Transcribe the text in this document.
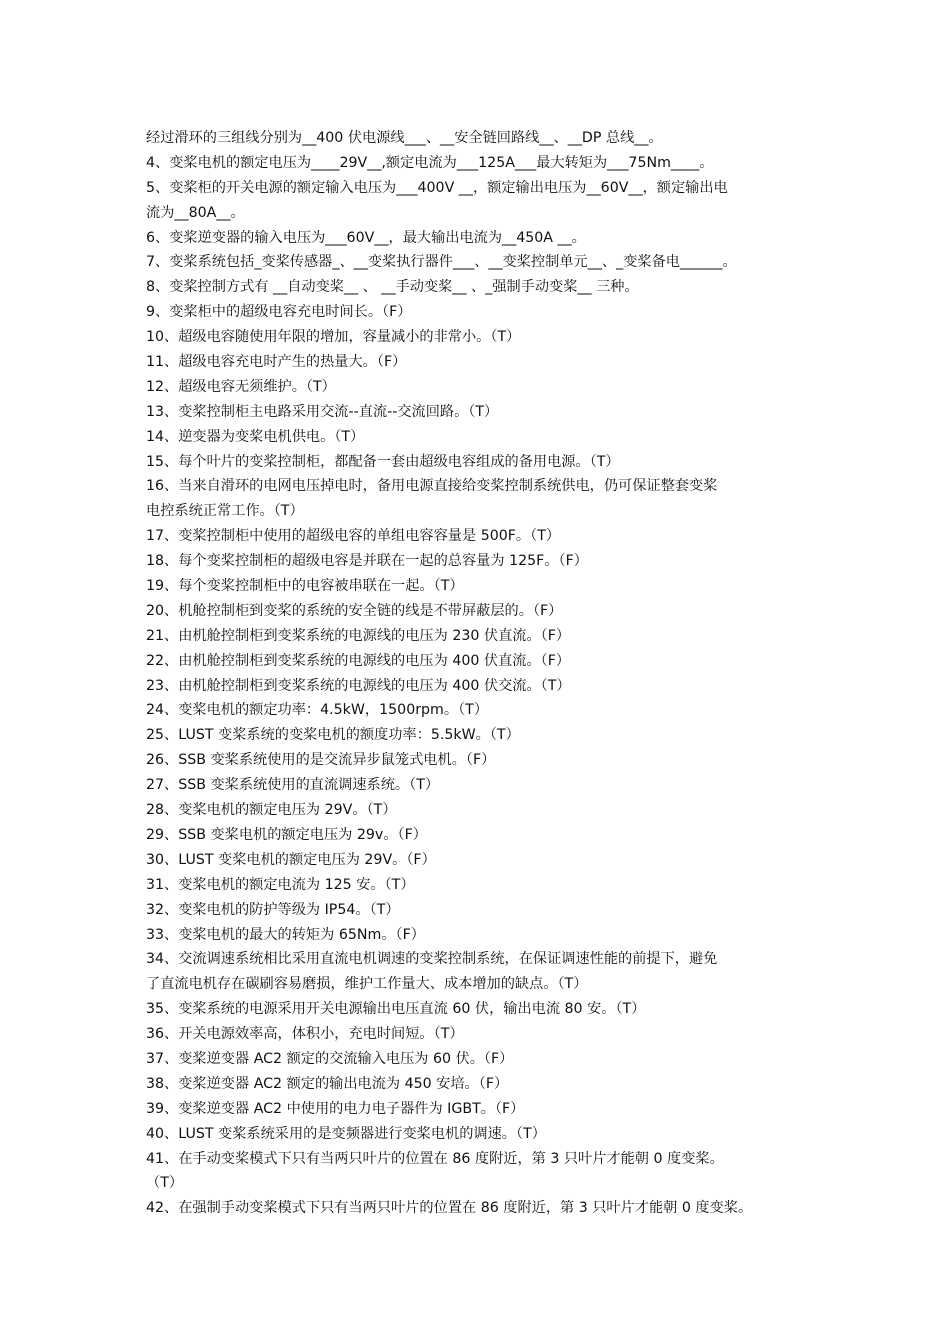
经过滑环的三组线分别为__400 伏电源线___、__安全链回路线__、__DP 总线__。
4、变桨电机的额定电压为____29V__,额定电流为___125A___最大转矩为___75Nm____。
5、变桨柜的开关电源的额定输入电压为___400V __，额定输出电压为__60V__，额定输出电
流为__80A__。
6、变桨逆变器的输入电压为___60V__，最大输出电流为__450A __。
7、变桨系统包括_变桨传感器_、__变桨执行器件___、__变桨控制单元__、_变桨备电______。
8、变桨控制方式有 __自动变桨__ 、 __手动变桨__ 、_强制手动变桨__ 三种。
9、变桨柜中的超级电容充电时间长。（F）
10、超级电容随使用年限的增加，容量减小的非常小。（T）
11、超级电容充电时产生的热量大。（F）
12、超级电容无须维护。（T）
13、变桨控制柜主电路采用交流--直流--交流回路。（T）
14、逆变器为变桨电机供电。（T）
15、每个叶片的变桨控制柜，都配备一套由超级电容组成的备用电源。（T）
16、当来自滑环的电网电压掉电时，备用电源直接给变桨控制系统供电，仍可保证整套变桨
电控系统正常工作。（T）
17、变桨控制柜中使用的超级电容的单组电容容量是 500F。（T）
18、每个变桨控制柜的超级电容是并联在一起的总容量为 125F。（F）
19、每个变桨控制柜中的电容被串联在一起。（T）
20、机舱控制柜到变桨的系统的安全链的线是不带屏蔽层的。（F）
21、由机舱控制柜到变桨系统的电源线的电压为 230 伏直流。（F）
22、由机舱控制柜到变桨系统的电源线的电压为 400 伏直流。（F）
23、由机舱控制柜到变桨系统的电源线的电压为 400 伏交流。（T）
24、变桨电机的额定功率：4.5kW，1500rpm。（T）
25、LUST 变桨系统的变桨电机的额度功率：5.5kW。（T）
26、SSB 变桨系统使用的是交流异步鼠笼式电机。（F）
27、SSB 变桨系统使用的直流调速系统。（T）
28、变桨电机的额定电压为 29V。（T）
29、SSB 变桨电机的额定电压为 29v。（F）
30、LUST 变桨电机的额定电压为 29V。（F）
31、变桨电机的额定电流为 125 安。（T）
32、变桨电机的防护等级为 IP54。（T）
33、变桨电机的最大的转矩为 65Nm。（F）
34、交流调速系统相比采用直流电机调速的变桨控制系统，在保证调速性能的前提下，避免
了直流电机存在碳刷容易磨损，维护工作量大、成本增加的缺点。（T）
35、变桨系统的电源采用开关电源输出电压直流 60 伏，输出电流 80 安。（T）
36、开关电源效率高，体积小，充电时间短。（T）
37、变桨逆变器 AC2 额定的交流输入电压为 60 伏。（F）
38、变桨逆变器 AC2 额定的输出电流为 450 安培。（F）
39、变桨逆变器 AC2 中使用的电力电子器件为 IGBT。（F）
40、LUST 变桨系统采用的是变频器进行变桨电机的调速。（T）
41、在手动变桨模式下只有当两只叶片的位置在 86 度附近，第 3 只叶片才能朝 0 度变桨。
（T）
42、在强制手动变桨模式下只有当两只叶片的位置在 86 度附近，第 3 只叶片才能朝 0 度变桨。
